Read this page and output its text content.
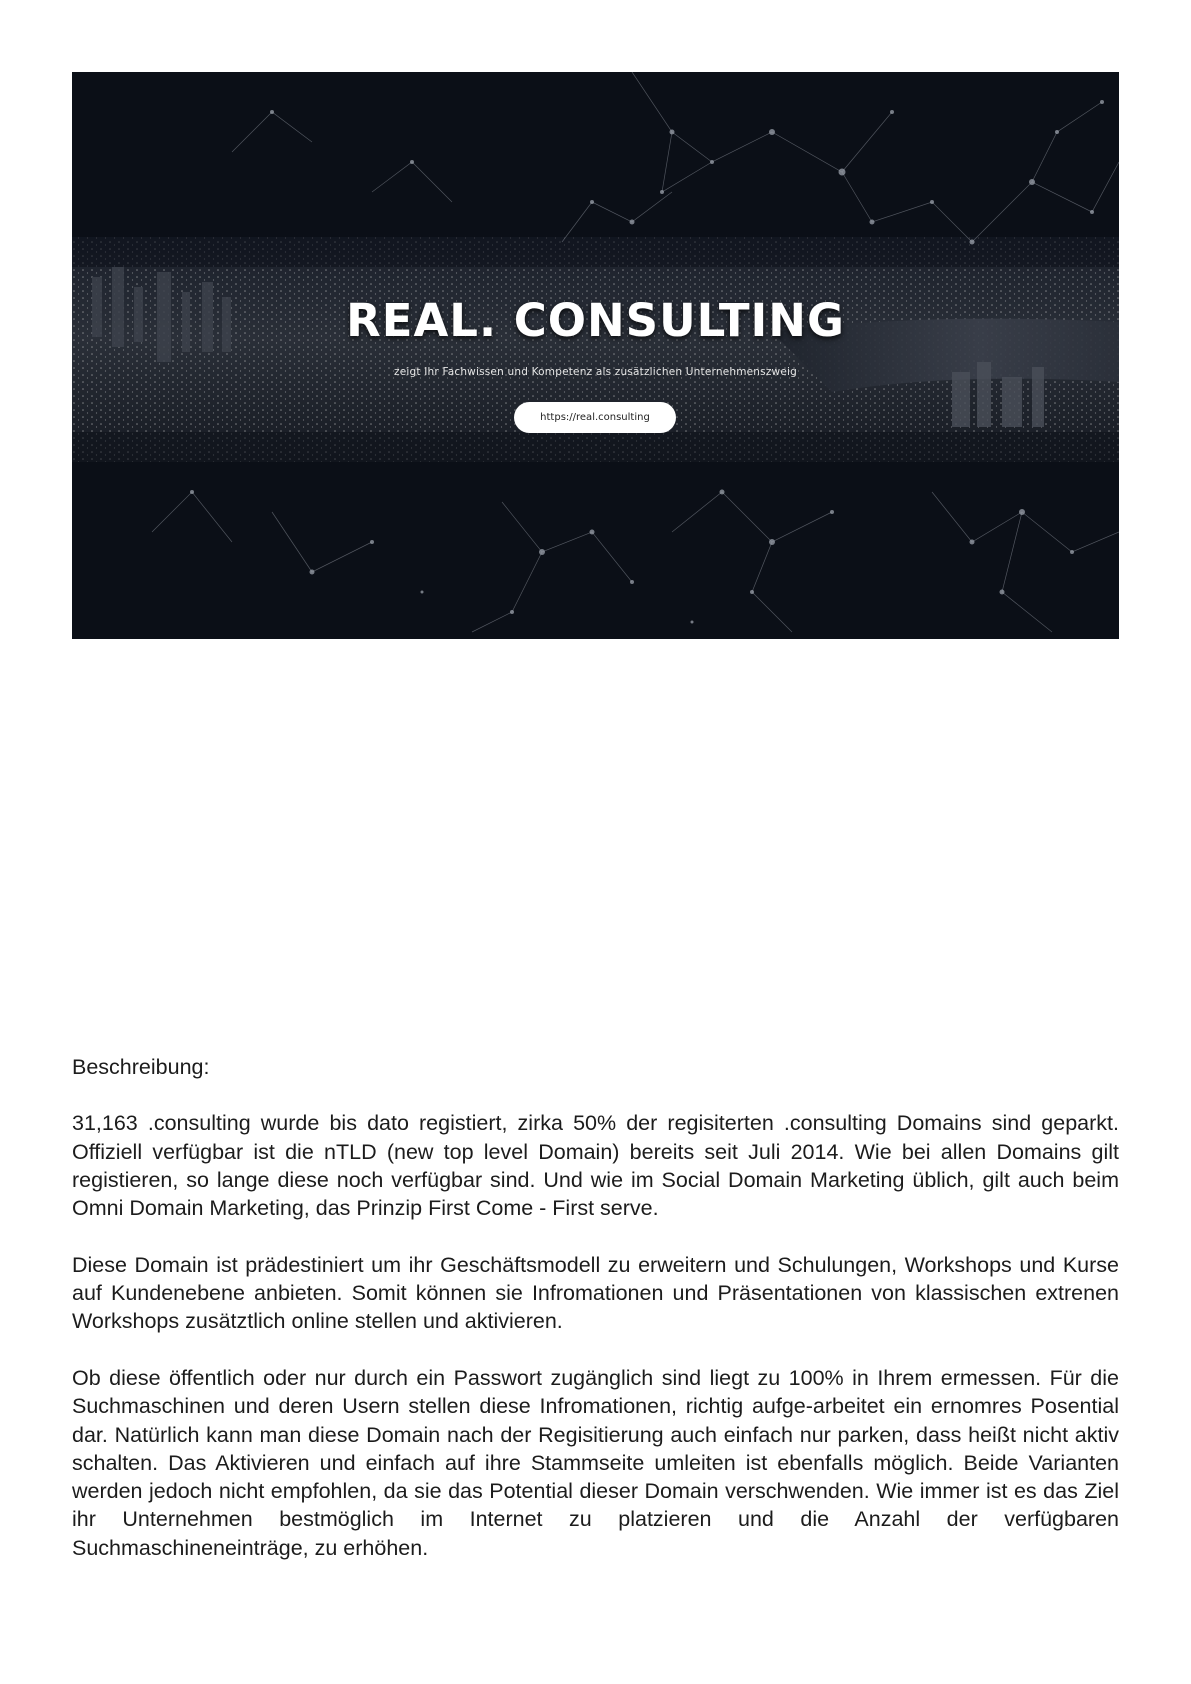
REAL. CONSULTING
zeigt Ihr Fachwissen und Kompetenz als zusätzlichen Unternehmenszweig
https://real.consulting

Beschreibung:

31,163 .consulting wurde bis dato registiert, zirka 50% der regisiterten .consulting Domains sind geparkt. Offiziell verfügbar ist die nTLD (new top level Domain) bereits seit Juli 2014. Wie bei allen Domains gilt registieren, so lange diese noch verfügbar sind. Und wie im Social Domain Marketing üblich, gilt auch beim Omni Domain Marketing, das Prinzip First Come - First serve.

Diese Domain ist prädestiniert um ihr Geschäftsmodell zu erweitern und Schulungen, Workshops und Kurse auf Kundenebene anbieten. Somit können sie Infromationen und Präsentationen von klassischen extrenen Workshops zusätztlich online stellen und aktivieren.

Ob diese öffentlich oder nur durch ein Passwort zugänglich sind liegt zu 100% in Ihrem ermessen. Für die Suchmaschinen und deren Usern stellen diese Infromationen, richtig aufge-arbeitet ein ernomres Posential dar. Natürlich kann man diese Domain nach der Regisitierung auch einfach nur parken, dass heißt nicht aktiv schalten. Das Aktivieren und einfach auf ihre Stammseite umleiten ist ebenfalls möglich. Beide Varianten werden jedoch nicht empfohlen, da sie das Potential dieser Domain verschwenden. Wie immer ist es das Ziel ihr Unternehmen bestmöglich im Internet zu platzieren und die Anzahl der verfügbaren Suchmaschineneinträge, zu erhöhen.
